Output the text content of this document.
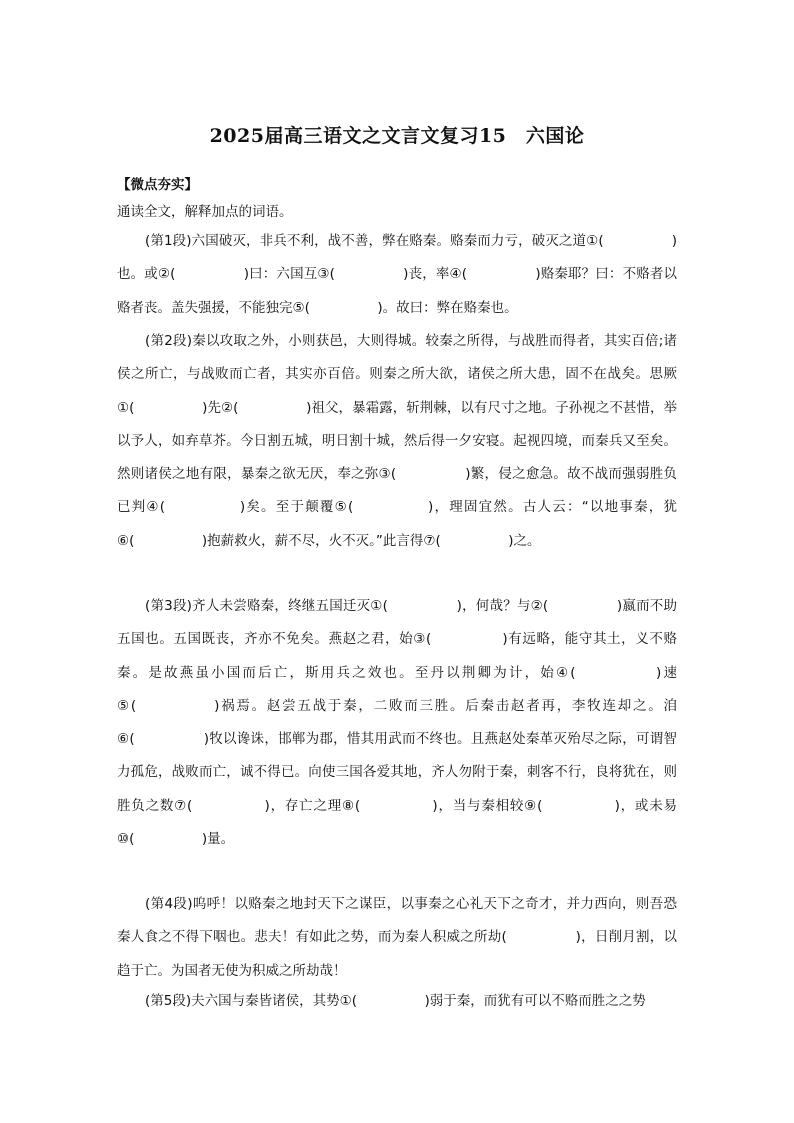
2025届高三语文之文言文复习15　六国论
【微点夯实】
通读全文，解释加点的词语。

(第1段)六国破灭，非兵不利，战不善，弊在赂秦。赂秦而力亏，破灭之道①(　　　　　)也。或②(　　　　　)曰：六国互③(　　　　　)丧，率④(　　　　　)赂秦耶？曰：不赂者以赂者丧。盖失强援，不能独完⑤(　　　　　)。故曰：弊在赂秦也。

(第2段)秦以攻取之外，小则获邑，大则得城。较秦之所得，与战胜而得者，其实百倍;诸侯之所亡，与战败而亡者，其实亦百倍。则秦之所大欲，诸侯之所大患，固不在战矣。思厥①(　　　　　)先②(　　　　　)祖父，暴霜露，斩荆棘，以有尺寸之地。子孙视之不甚惜，举以予人，如弃草芥。今日割五城，明日割十城，然后得一夕安寝。起视四境，而秦兵又至矣。然则诸侯之地有限，暴秦之欲无厌，奉之弥③(　　　　　)繁，侵之愈急。故不战而强弱胜负已判④(　　　　　)矣。至于颠覆⑤(　　　　　)，理固宜然。古人云：“以地事秦，犹⑥(　　　　　)抱薪救火，薪不尽，火不灭。”此言得⑦(　　　　　)之。

(第3段)齐人未尝赂秦，终继五国迁灭①(　　　　　)，何哉？与②(　　　　　)嬴而不助五国也。五国既丧，齐亦不免矣。燕赵之君，始③(　　　　　)有远略，能守其土，义不赂秦。是故燕虽小国而后亡，斯用兵之效也。至丹以荆卿为计，始④(　　　　　)速⑤(　　　　　)祸焉。赵尝五战于秦，二败而三胜。后秦击赵者再，李牧连却之。洎⑥(　　　　　)牧以谗诛，邯郸为郡，惜其用武而不终也。且燕赵处秦革灭殆尽之际，可谓智力孤危，战败而亡，诚不得已。向使三国各爱其地，齐人勿附于秦，刺客不行，良将犹在，则胜负之数⑦(　　　　　)，存亡之理⑧(　　　　　)，当与秦相较⑨(　　　　　)，或未易⑩(　　　　　)量。

(第4段)呜呼！以赂秦之地封天下之谋臣，以事秦之心礼天下之奇才，并力西向，则吾恐秦人食之不得下咽也。悲夫！有如此之势，而为秦人积威之所劫(　　　　　)，日削月割，以趋于亡。为国者无使为积威之所劫哉！

(第5段)夫六国与秦皆诸侯，其势①(　　　　　)弱于秦，而犹有可以不赂而胜之之势
